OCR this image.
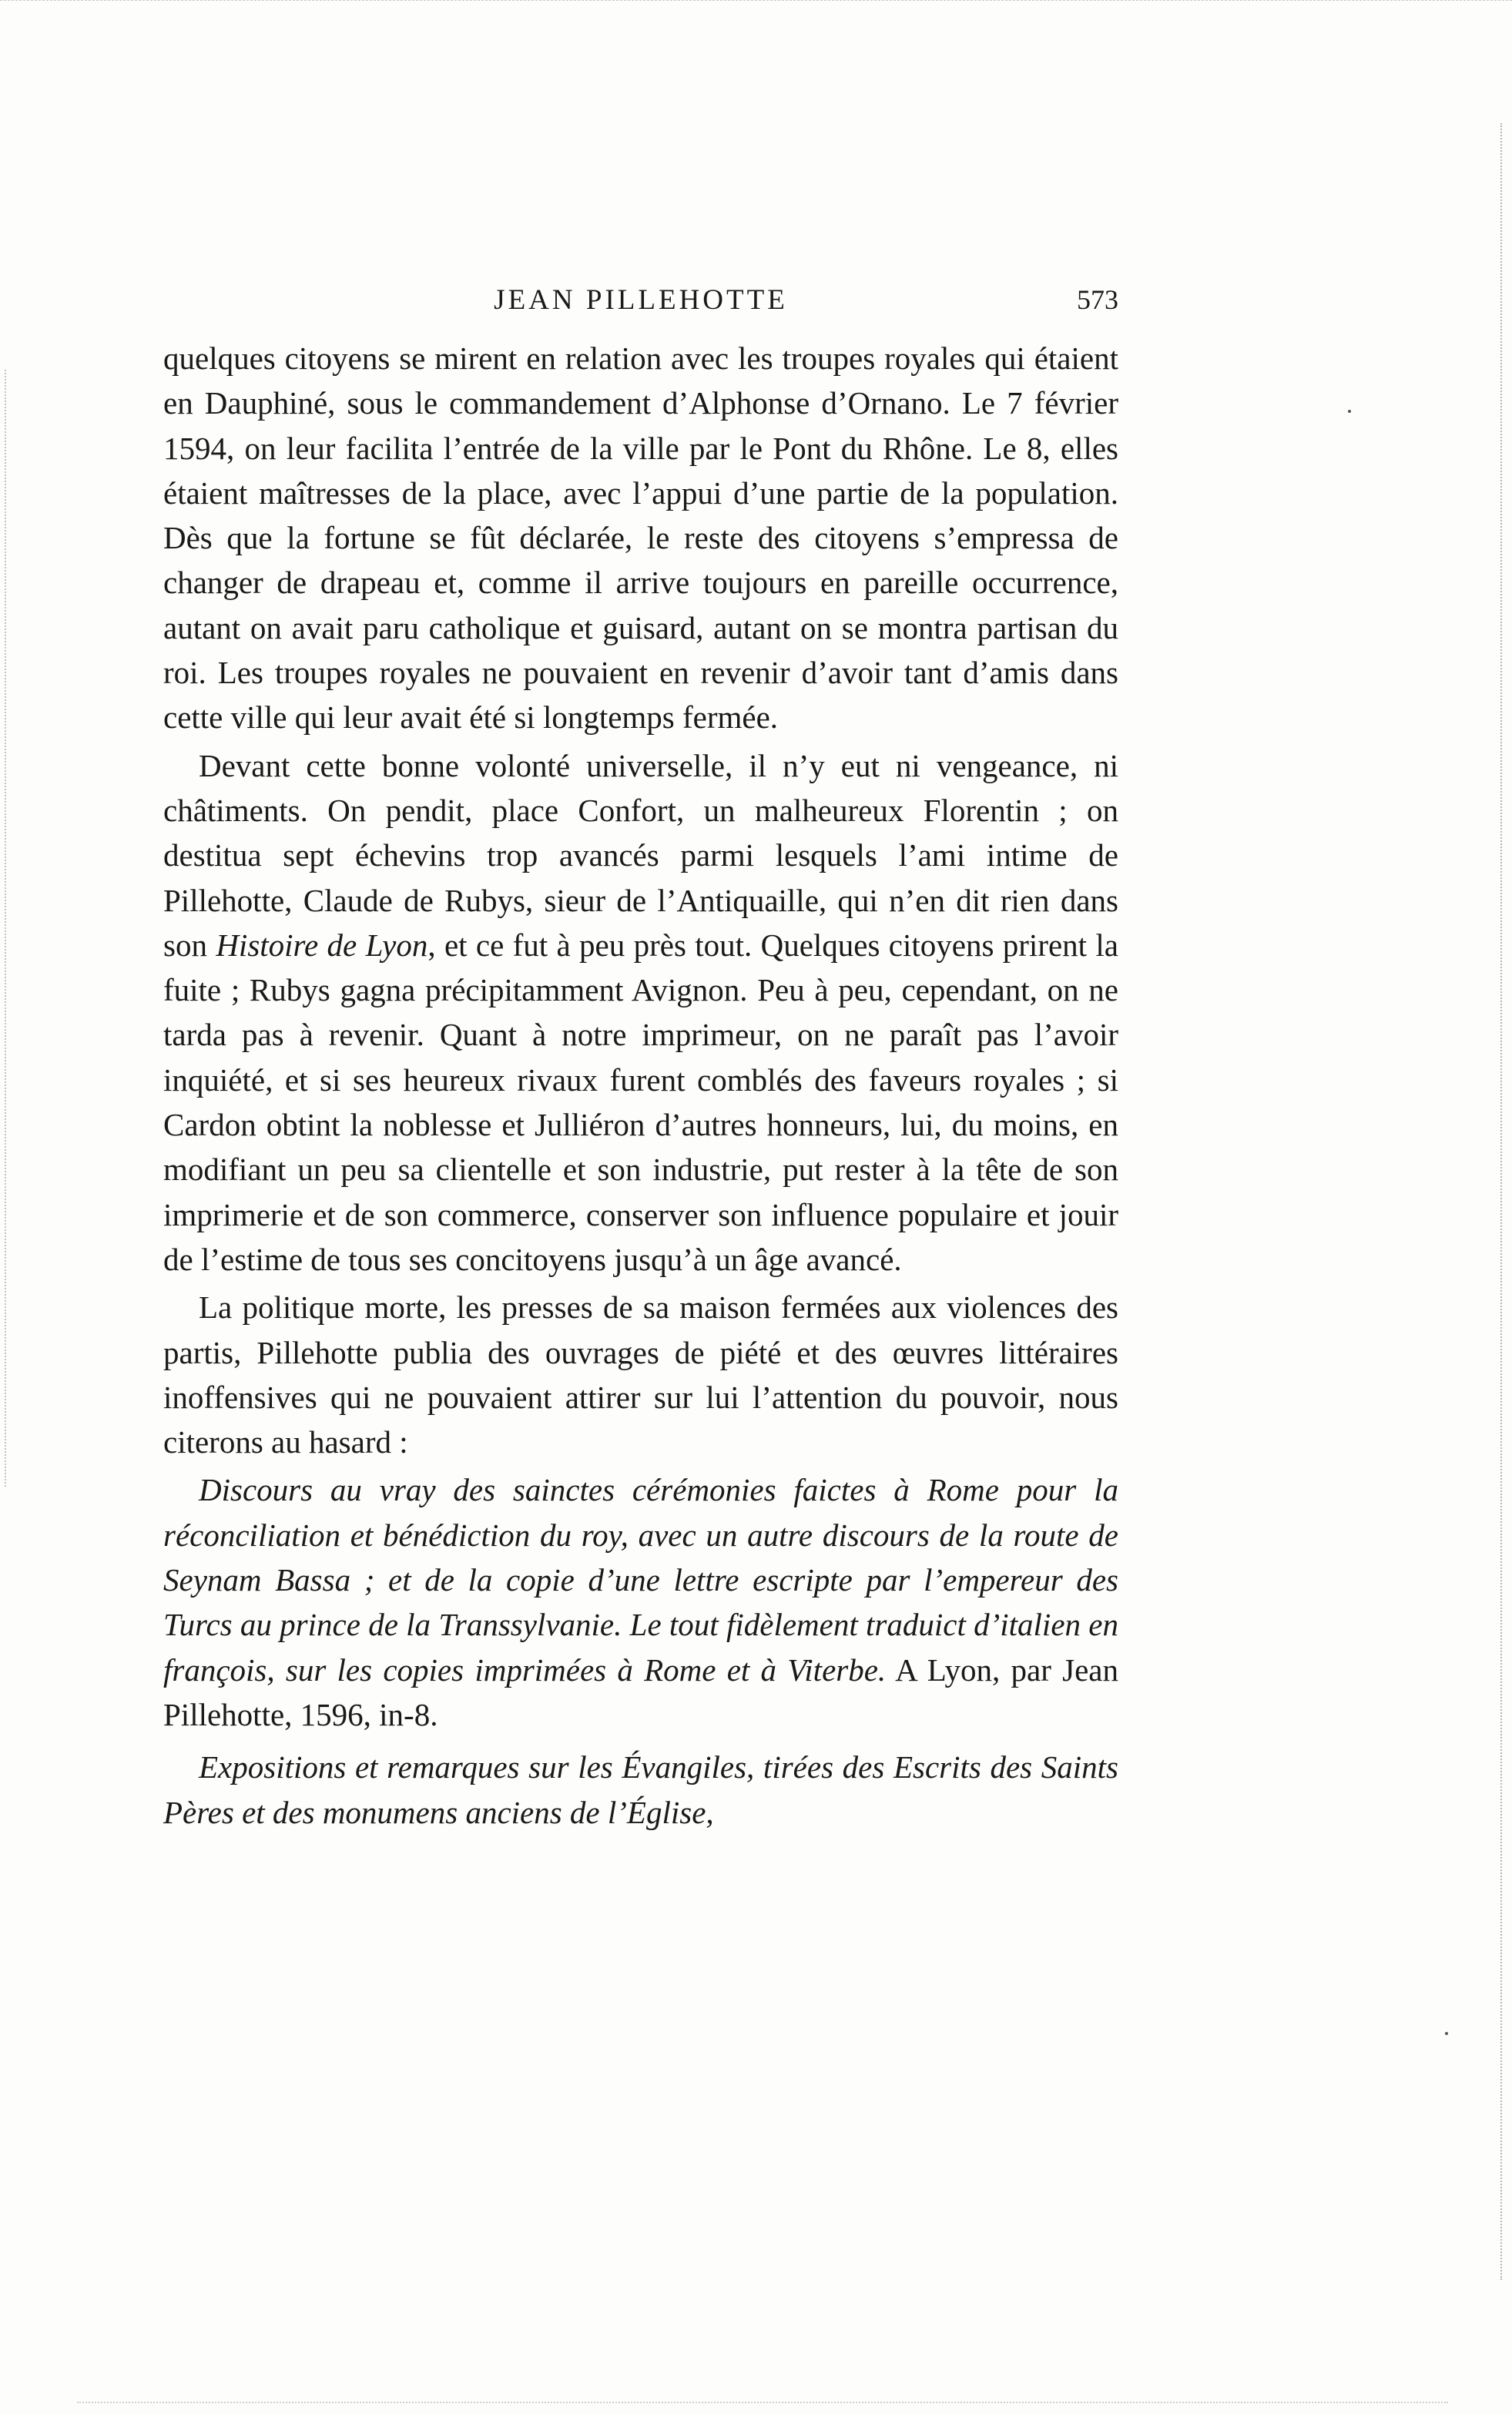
JEAN PILLEHOTTE	573

quelques citoyens se mirent en relation avec les troupes royales qui étaient en Dauphiné, sous le commandement d’Alphonse d’Ornano. Le 7 février 1594, on leur facilita l’entrée de la ville par le Pont du Rhône. Le 8, elles étaient maîtresses de la place, avec l’appui d’une partie de la population. Dès que la fortune se fût déclarée, le reste des citoyens s’empressa de changer de drapeau et, comme il arrive toujours en pareille occurrence, autant on avait paru catholique et guisard, autant on se montra partisan du roi. Les troupes royales ne pouvaient en revenir d’avoir tant d’amis dans cette ville qui leur avait été si longtemps fermée.

Devant cette bonne volonté universelle, il n’y eut ni vengeance, ni châtiments. On pendit, place Confort, un malheureux Florentin ; on destitua sept échevins trop avancés parmi lesquels l’ami intime de Pillehotte, Claude de Rubys, sieur de l’Antiquaille, qui n’en dit rien dans son Histoire de Lyon, et ce fut à peu près tout. Quelques citoyens prirent la fuite ; Rubys gagna précipitamment Avignon. Peu à peu, cependant, on ne tarda pas à revenir. Quant à notre imprimeur, on ne paraît pas l’avoir inquiété, et si ses heureux rivaux furent comblés des faveurs royales ; si Cardon obtint la noblesse et Julliéron d’autres honneurs, lui, du moins, en modifiant un peu sa clientelle et son industrie, put rester à la tête de son imprimerie et de son commerce, conserver son influence populaire et jouir de l’estime de tous ses concitoyens jusqu’à un âge avancé.

La politique morte, les presses de sa maison fermées aux violences des partis, Pillehotte publia des ouvrages de piété et des œuvres littéraires inoffensives qui ne pouvaient attirer sur lui l’attention du pouvoir, nous citerons au hasard :

Discours au vray des sainctes cérémonies faictes à Rome pour la réconciliation et bénédiction du roy, avec un autre discours de la route de Seynam Bassa ; et de la copie d’une lettre escripte par l’empereur des Turcs au prince de la Transsylvanie. Le tout fidèlement traduict d’italien en françois, sur les copies imprimées à Rome et à Viterbe. A Lyon, par Jean Pillehotte, 1596, in-8.

Expositions et remarques sur les Évangiles, tirées des Escrits des Saints Pères et des monumens anciens de l’Église,
